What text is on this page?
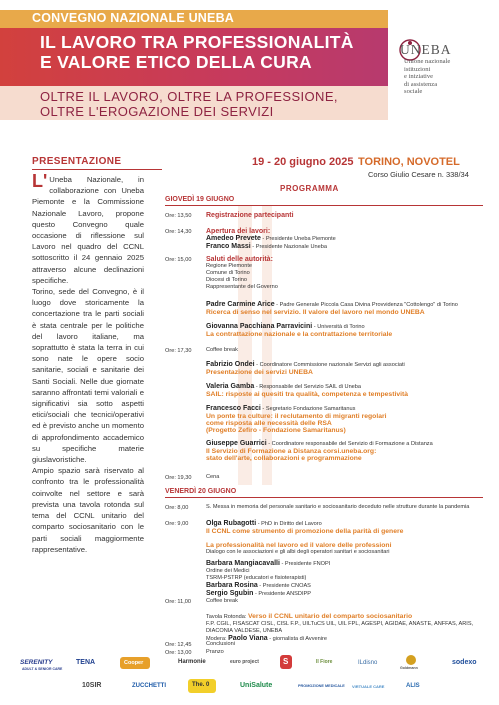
CONVEGNO NAZIONALE UNEBA
IL LAVORO TRA PROFESSIONALITÀ
E VALORE ETICO DELLA CURA
OLTRE IL LAVORO, OLTRE LA PROFESSIONE,
OLTRE L'EROGAZIONE DEI SERVIZI
UNEBA
Unione nazionale
istituzioni
e iniziative
di assistenza
sociale
PRESENTAZIONE

L' Uneba Nazionale, in collaborazione con Uneba Piemonte e la Commissione Nazionale Lavoro, propone questo Convegno quale occasione di riflessione sul Lavoro nel quadro del CCNL sottoscritto il 24 gennaio 2025 attraverso alcune declinazioni specifiche.

Torino, sede del Convegno, è il luogo dove storicamente la concertazione tra le parti sociali è stata centrale per le politiche del lavoro italiane, ma soprattutto è stata la terra in cui sono nate le opere socio sanitarie, sociali e sanitarie dei Santi Sociali. Nelle due giornate saranno affrontati temi valoriali e significativi sia sotto aspetti etici/sociali che tecnici/operativi ed è previsto anche un momento di approfondimento accademico su specifiche materie giuslavoristiche.

Ampio spazio sarà riservato al confronto tra le professionalità coinvolte nel settore e sarà prevista una tavola rotonda sul tema del CCNL unitario del comparto sociosanitario con le parti sociali maggiormente rappresentative.

19 - 20 giugno 2025 TORINO, NOVOTEL
Corso Giulio Cesare n. 338/34
PROGRAMMA
GIOVEDÌ 19 GIUGNO
Ore: 13,50 Registrazione partecipanti
Ore: 14,30 Apertura dei lavori:
Amedeo Prevete - Presidente Uneba Piemonte
Franco Massi - Presidente Nazionale Uneba
Ore: 15,00 Saluti delle autorità:
Regione Piemonte
Comune di Torino
Diocesi di Torino
Rappresentante del Governo
Padre Carmine Arice - Padre Generale Piccola Casa Divina Provvidenza "Cottolengo" di Torino
Ricerca di senso nel servizio. Il valore del lavoro nel mondo UNEBA
Giovanna Pacchiana Parravicini - Università di Torino
La contrattazione nazionale e la contrattazione territoriale
Ore: 17,30	Coffee break
Fabrizio Ondei - Coordinatore Commissione nazionale Servizi agli associati
Presentazione dei servizi UNEBA
Valeria Gamba - Responsabile del Servizio SAIL di Uneba
SAIL: risposte ai quesiti tra qualità, competenza e tempestività
Francesco Facci - Segretario Fondazione Samaritanus
Un ponte tra culture: il reclutamento di migranti regolari
come risposta alle necessità delle RSA
(Progetto Zefiro - Fondazione Samaritanus)
Giuseppe Guarrici - Coordinatore responsabile del Servizio di Formazione a Distanza
Il Servizio di Formazione a Distanza corsi.uneba.org:
stato dell'arte, collaborazioni e programmazione
Ore: 19,30	Cena
VENERDÌ 20 GIUGNO
Ore: 8,00	S. Messa in memoria del personale sanitario e sociosanitario deceduto nelle strutture durante la pandemia
Ore: 9,00	Olga Rubagotti - PhD in Diritto del Lavoro
Il CCNL come strumento di promozione della parità di genere
La professionalità nel lavoro ed il valore delle professioni
Dialogo con le associazioni e gli albi degli operatori sanitari e sociosanitari
Barbara Mangiacavalli - Presidente FNOPI
Ordine dei Medici
TSRM-PSTRP (educatori e fisioterapisti)
Barbara Rosina - Presidente CNOAS
Sergio Sgubin - Presidente ANSDIPP
Ore: 11,00	Coffee break
Tavola Rotonda: Verso il CCNL unitario del comparto sociosanitario
F.P. CGIL, FISASCAT CISL, CISL F.P., UILTuCS UIL, UIL FPL, AGESPI, AGIDAE, ANASTE, ANFFAS, ARIS, DIACONIA VALDESE, UNEBA
Modera: Paolo Viana - giornalista di Avvenire
Ore: 12,45	Conclusioni
Ore: 13,00	Pranzo
SERENITY
ADULT & SENIOR CARE
TENA	Cooper	Harmonie	euro project	S	Il Fiore	ILdisno
Goldmann
sodexo
10SIR	ZUCCHETTI	The. 0	UniSalute	PROMOZIONE MEDICALE VIRTUALE CARE	ALIS
